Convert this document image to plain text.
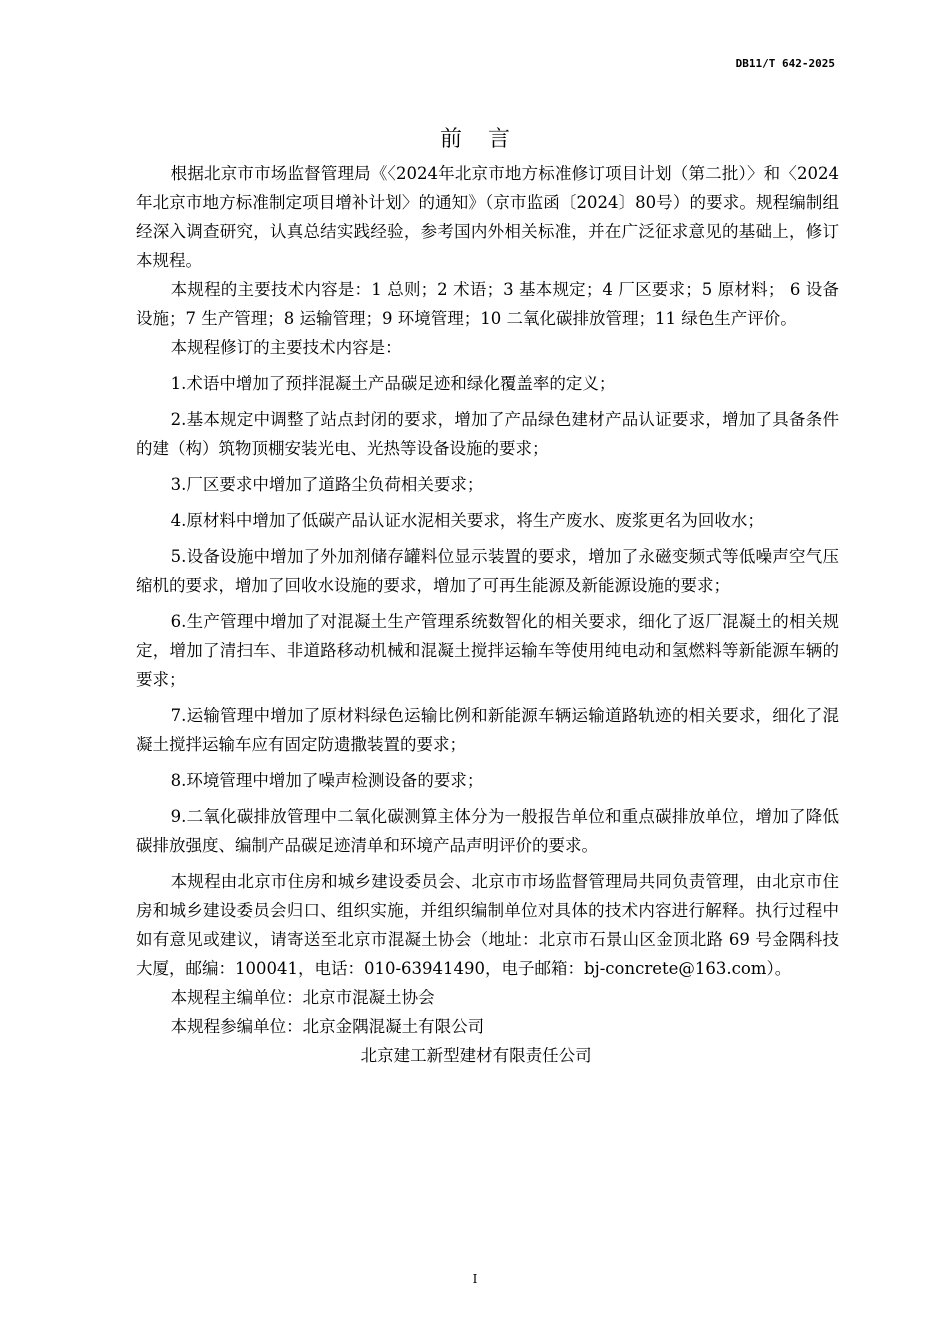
DB11/T 642-2025
前言

根据北京市市场监督管理局《〈2024年北京市地方标准修订项目计划（第二批）〉和〈2024年北京市地方标准制定项目增补计划〉的通知》（京市监函〔2024〕80号）的要求。规程编制组经深入调查研究，认真总结实践经验，参考国内外相关标准，并在广泛征求意见的基础上，修订本规程。

本规程的主要技术内容是：1 总则；2 术语；3 基本规定；4 厂区要求；5 原材料； 6 设备设施；7 生产管理；8 运输管理；9 环境管理；10 二氧化碳排放管理；11 绿色生产评价。

本规程修订的主要技术内容是：

1.术语中增加了预拌混凝土产品碳足迹和绿化覆盖率的定义；

2.基本规定中调整了站点封闭的要求，增加了产品绿色建材产品认证要求，增加了具备条件的建（构）筑物顶棚安装光电、光热等设备设施的要求；

3.厂区要求中增加了道路尘负荷相关要求；

4.原材料中增加了低碳产品认证水泥相关要求，将生产废水、废浆更名为回收水；

5.设备设施中增加了外加剂储存罐料位显示装置的要求，增加了永磁变频式等低噪声空气压缩机的要求，增加了回收水设施的要求，增加了可再生能源及新能源设施的要求；

6.生产管理中增加了对混凝土生产管理系统数智化的相关要求，细化了返厂混凝土的相关规定，增加了清扫车、非道路移动机械和混凝土搅拌运输车等使用纯电动和氢燃料等新能源车辆的要求；

7.运输管理中增加了原材料绿色运输比例和新能源车辆运输道路轨迹的相关要求，细化了混凝土搅拌运输车应有固定防遗撒装置的要求；

8.环境管理中增加了噪声检测设备的要求；

9.二氧化碳排放管理中二氧化碳测算主体分为一般报告单位和重点碳排放单位，增加了降低碳排放强度、编制产品碳足迹清单和环境产品声明评价的要求。

本规程由北京市住房和城乡建设委员会、北京市市场监督管理局共同负责管理，由北京市住房和城乡建设委员会归口、组织实施，并组织编制单位对具体的技术内容进行解释。执行过程中如有意见或建议，请寄送至北京市混凝土协会（地址：北京市石景山区金顶北路 69 号金隅科技大厦，邮编：100041，电话：010-63941490，电子邮箱：bj-concrete@163.com）。

本规程主编单位：北京市混凝土协会

本规程参编单位：北京金隅混凝土有限公司

北京建工新型建材有限责任公司

I
